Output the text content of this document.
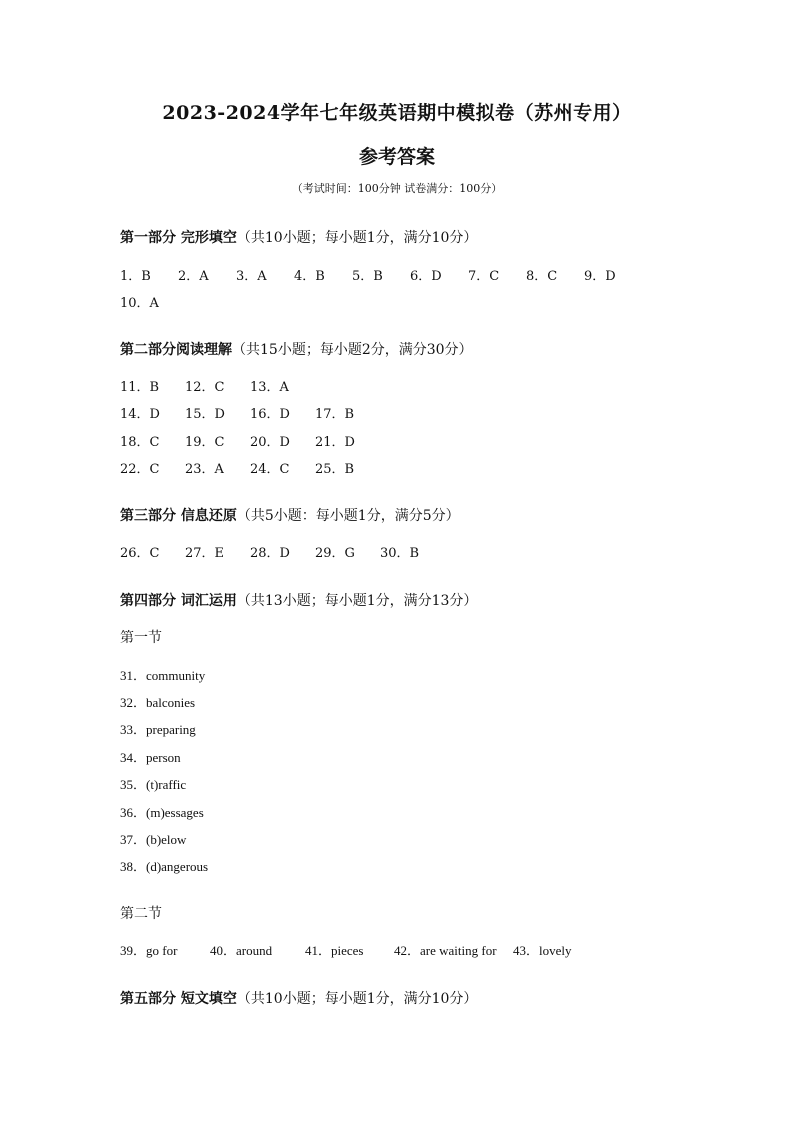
2023-2024学年七年级英语期中模拟卷（苏州专用）
参考答案
（考试时间：100分钟 试卷满分：100分）
第一部分 完形填空（共10小题；每小题1分，满分10分）
1．B 2．A 3．A 4．B 5．B 6．D 7．C 8．C 9．D
10．A
第二部分阅读理解（共15小题；每小题2分，满分30分）
11．B 12．C 13．A
14．D 15．D 16．D 17．B
18．C 19．C 20．D 21．D
22．C 23．A 24．C 25．B
第三部分 信息还原（共5小题：每小题1分，满分5分）
26．C 27．E 28．D 29．G 30．B
第四部分 词汇运用（共13小题；每小题1分，满分13分）
第一节
31．community
32．balconies
33．preparing
34．person
35．(t)raffic
36．(m)essages
37．(b)elow
38．(d)angerous
第二节
39．go for	40．around	41．pieces 42．are waiting for 43．lovely
第五部分 短文填空（共10小题；每小题1分，满分10分）
